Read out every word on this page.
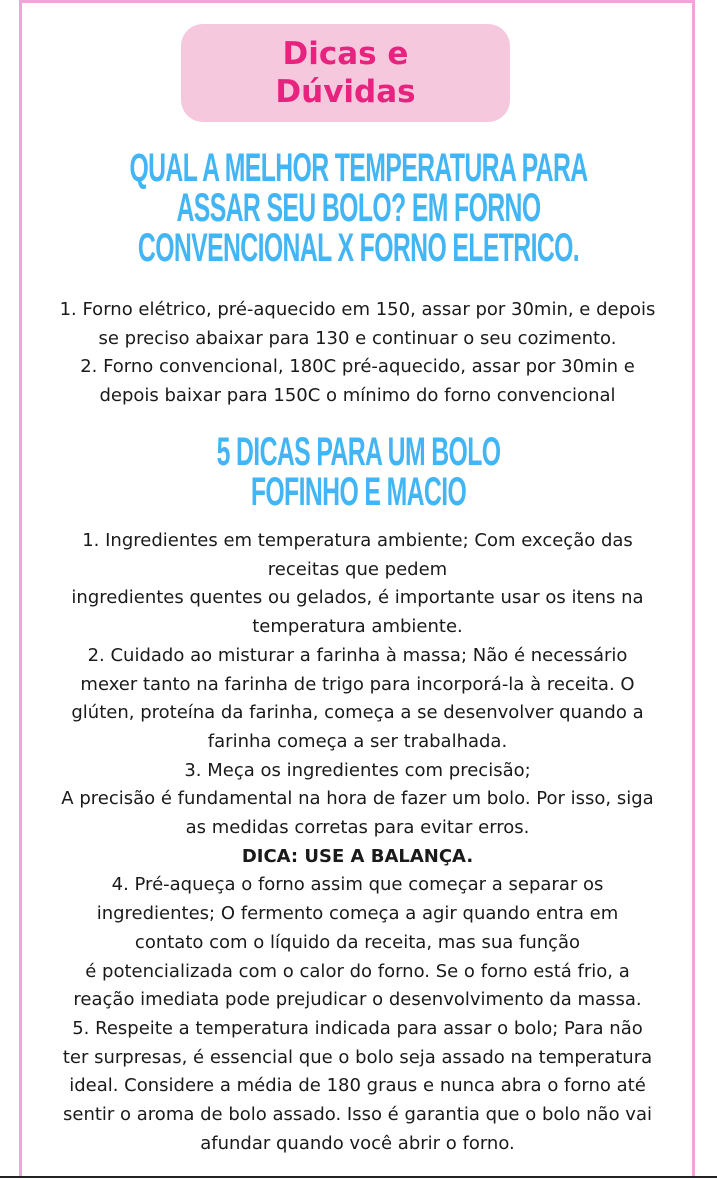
Dicas e Dúvidas
QUAL A MELHOR TEMPERATURA PARA
ASSAR SEU BOLO? EM FORNO
CONVENCIONAL X FORNO ELETRICO.
1. Forno elétrico, pré-aquecido em 150, assar por 30min, e depois
se preciso abaixar para 130 e continuar o seu cozimento.
2. Forno convencional, 180C pré-aquecido, assar por 30min e
depois baixar para 150C o mínimo do forno convencional
5 DICAS PARA UM BOLO
FOFINHO E MACIO
1. Ingredientes em temperatura ambiente; Com exceção das
receitas que pedem
ingredientes quentes ou gelados, é importante usar os itens na
temperatura ambiente.
2. Cuidado ao misturar a farinha à massa; Não é necessário
mexer tanto na farinha de trigo para incorporá-la à receita. O
glúten, proteína da farinha, começa a se desenvolver quando a
farinha começa a ser trabalhada.
3. Meça os ingredientes com precisão;
A precisão é fundamental na hora de fazer um bolo. Por isso, siga
as medidas corretas para evitar erros.
DICA: USE A BALANÇA.
4. Pré-aqueça o forno assim que começar a separar os
ingredientes; O fermento começa a agir quando entra em
contato com o líquido da receita, mas sua função
é potencializada com o calor do forno. Se o forno está frio, a
reação imediata pode prejudicar o desenvolvimento da massa.
5. Respeite a temperatura indicada para assar o bolo; Para não
ter surpresas, é essencial que o bolo seja assado na temperatura
ideal. Considere a média de 180 graus e nunca abra o forno até
sentir o aroma de bolo assado. Isso é garantia que o bolo não vai
afundar quando você abrir o forno.
